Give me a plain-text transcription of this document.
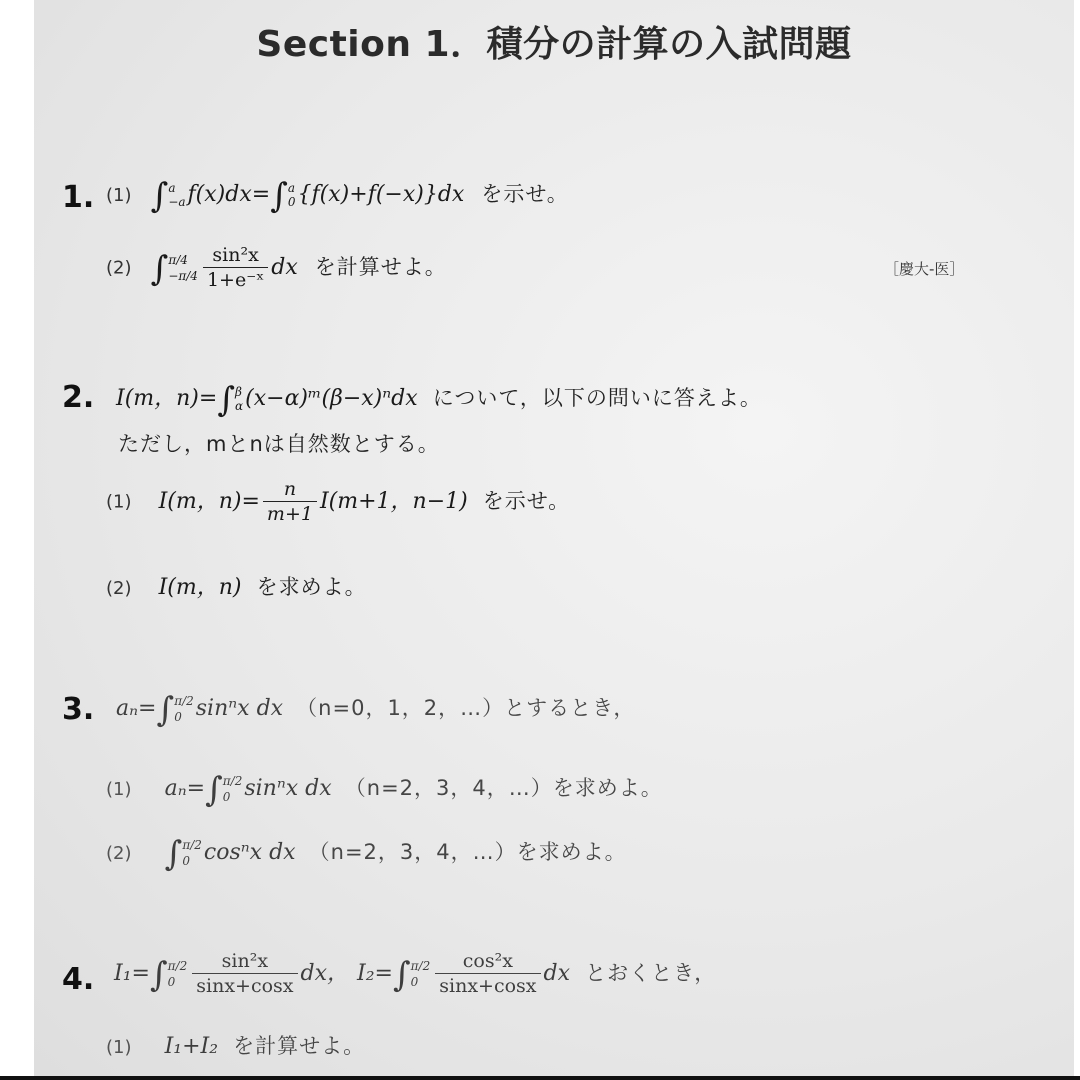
Section 1．積分の計算の入試問題
1. (1) ∫ a
−a f(x)dx=∫ a
0 {f(x)+f(−x)}dx を示せ。
(2) ∫ π/4
$-\pi/4 \frac{\text{sin²x}}{\text{1+e⁻ˣ}}$ dx を計算せよ。	［慶大-医］
2. I(m，n)=∫ β
α (x−α)ᵐ(β−x)ⁿdx について，以下の問いに答えよ。
ただし，mとnは自然数とする。
(1) I(m，$n)= \frac{n}{m+1} I(m+1$，n−1) を示せ。
(2) I(m，n) を求めよ。
3. aₙ=∫ π/2
0 sinⁿx dx （n=0，1，2，…）とするとき，
(1) aₙ=∫ π/2
0 sinⁿx dx （n=2，3，4，…）を求めよ。
(2) ∫ π/2
0 cosⁿx dx （n=2，3，4，…）を求めよ。
4. I₁=∫ π/2
$0 \frac{\text{sin²x}}{\sin x+\cos x}$ dx， I₂=∫ π/2
$0 \frac{\text{cos²x}}{\sin x+\cos x}$ dx とおくとき，
(1) I₁+I₂ を計算せよ。
